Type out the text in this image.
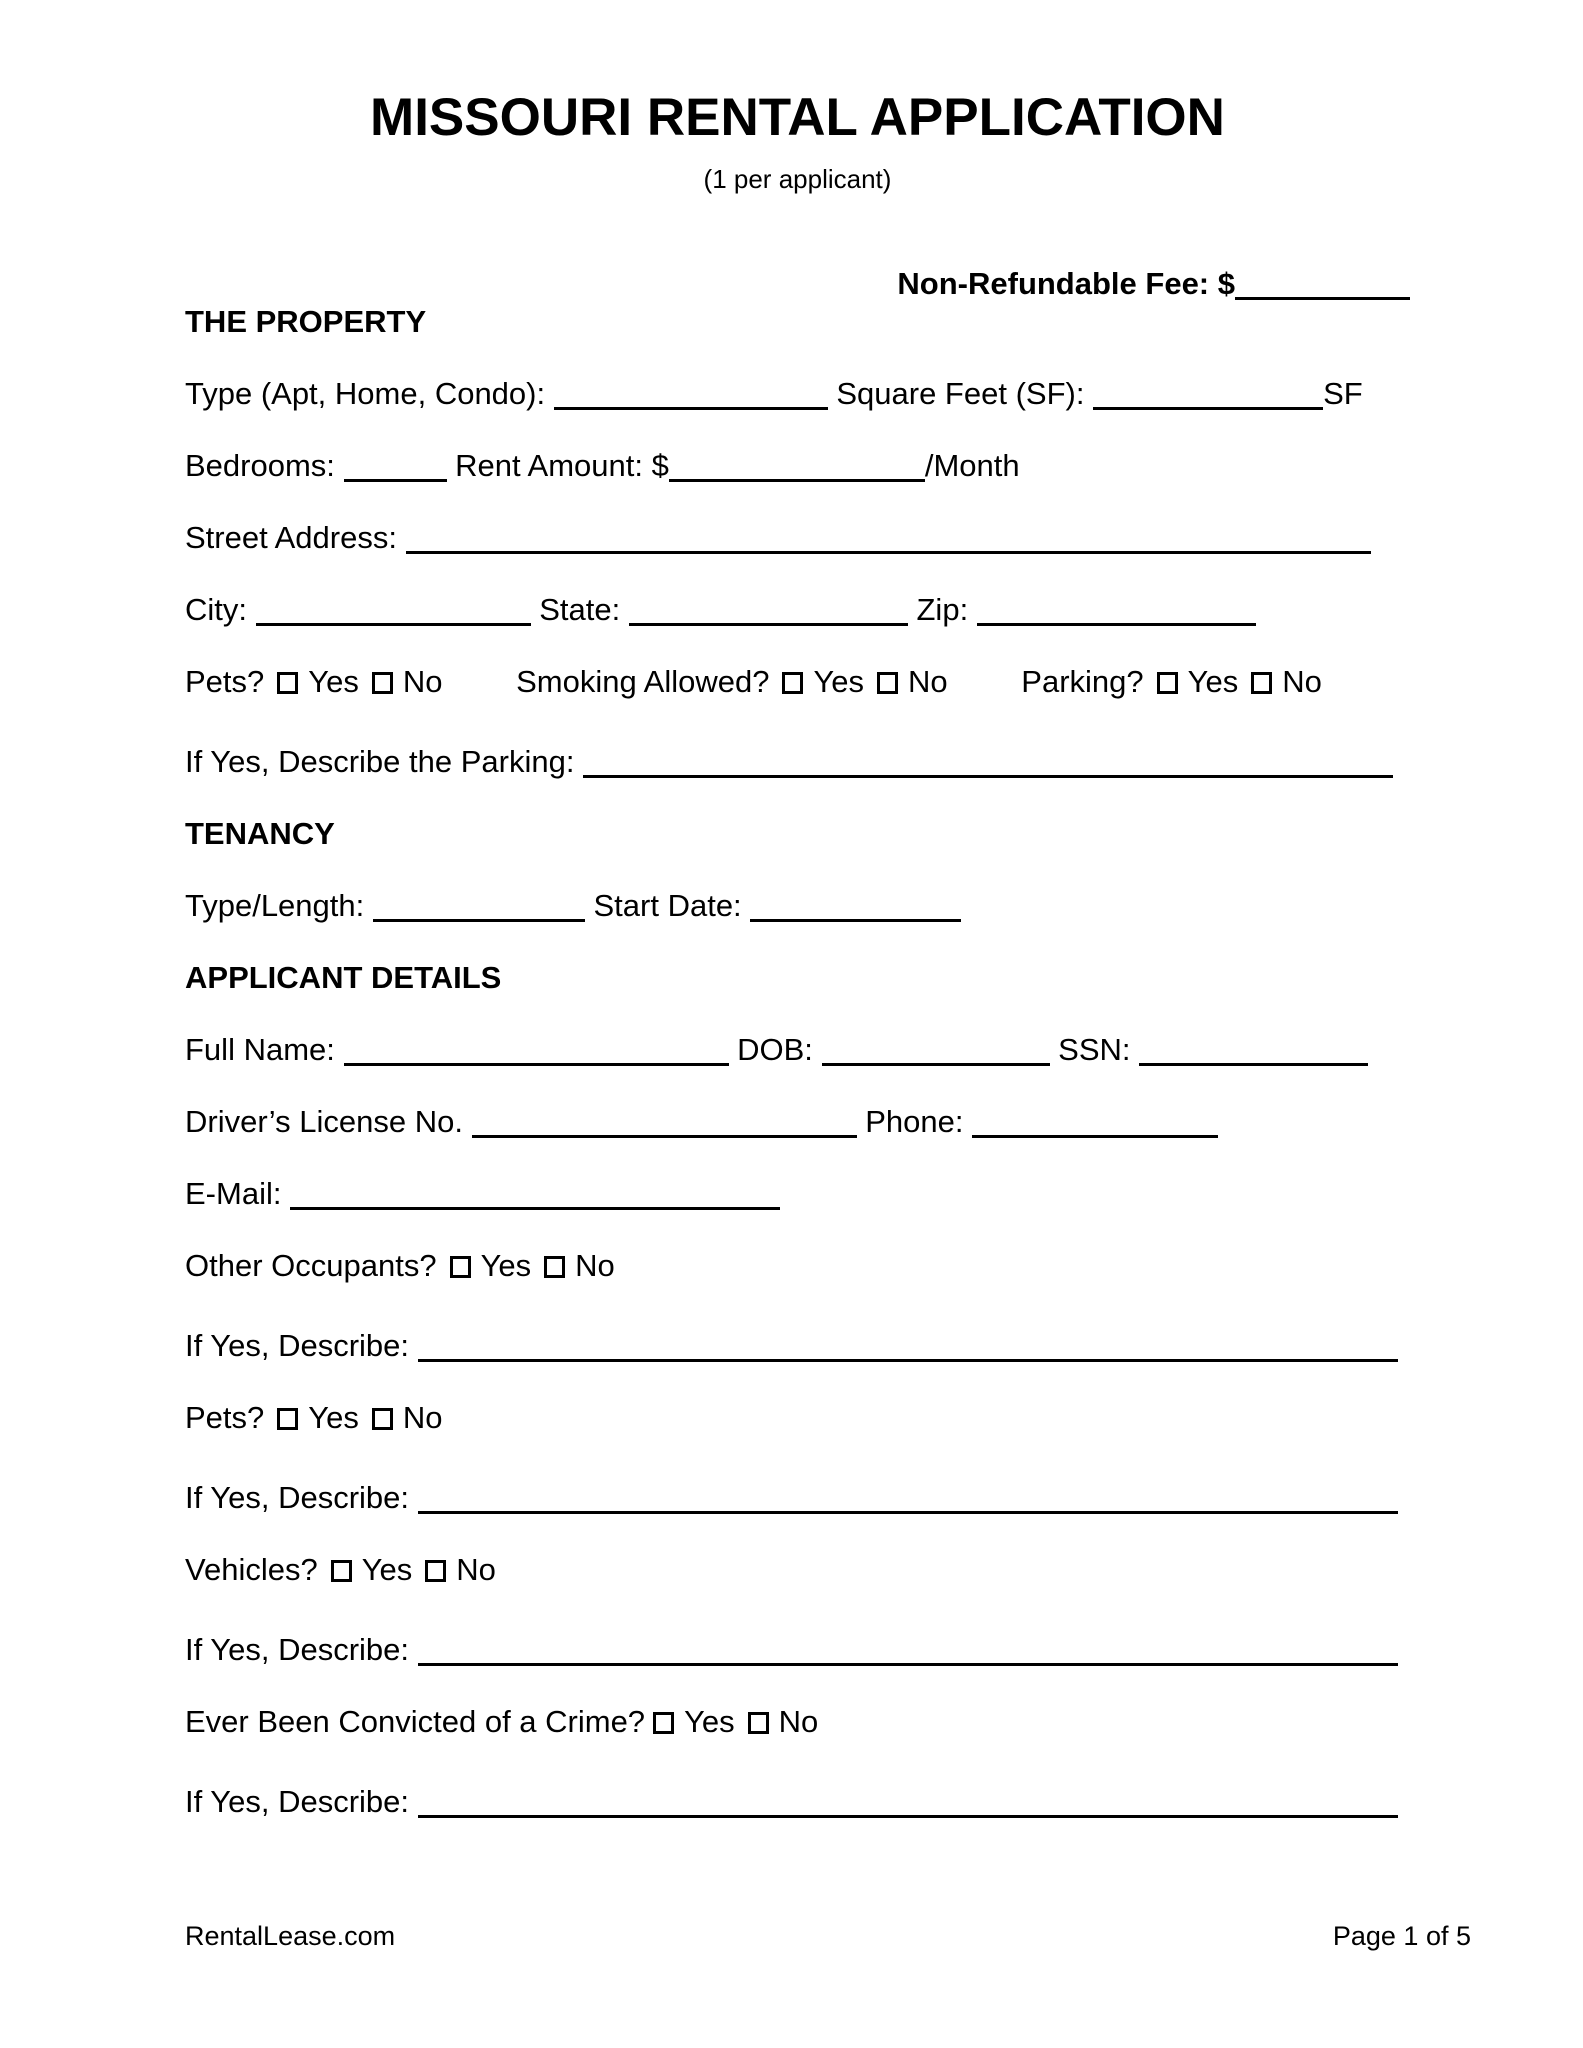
MISSOURI RENTAL APPLICATION
(1 per applicant)
Non-Refundable Fee: $
THE PROPERTY
Type (Apt, Home, Condo):	Square Feet (SF):	SF
Bedrooms:	Rent Amount: $	/Month
Street Address:
City:	State:	Zip:
Pets? Yes No Smoking Allowed? Yes No Parking? Yes No
If Yes, Describe the Parking:
TENANCY
Type/Length:	Start Date:
APPLICANT DETAILS
Full Name:	DOB:	SSN:
Driver’s License No.	Phone:
E-Mail:
Other Occupants? Yes No
If Yes, Describe:
Pets? Yes No
If Yes, Describe:
Vehicles? Yes No
If Yes, Describe:
Ever Been Convicted of a Crime? Yes No
If Yes, Describe:
RentalLease.com	Page 1 of 5
